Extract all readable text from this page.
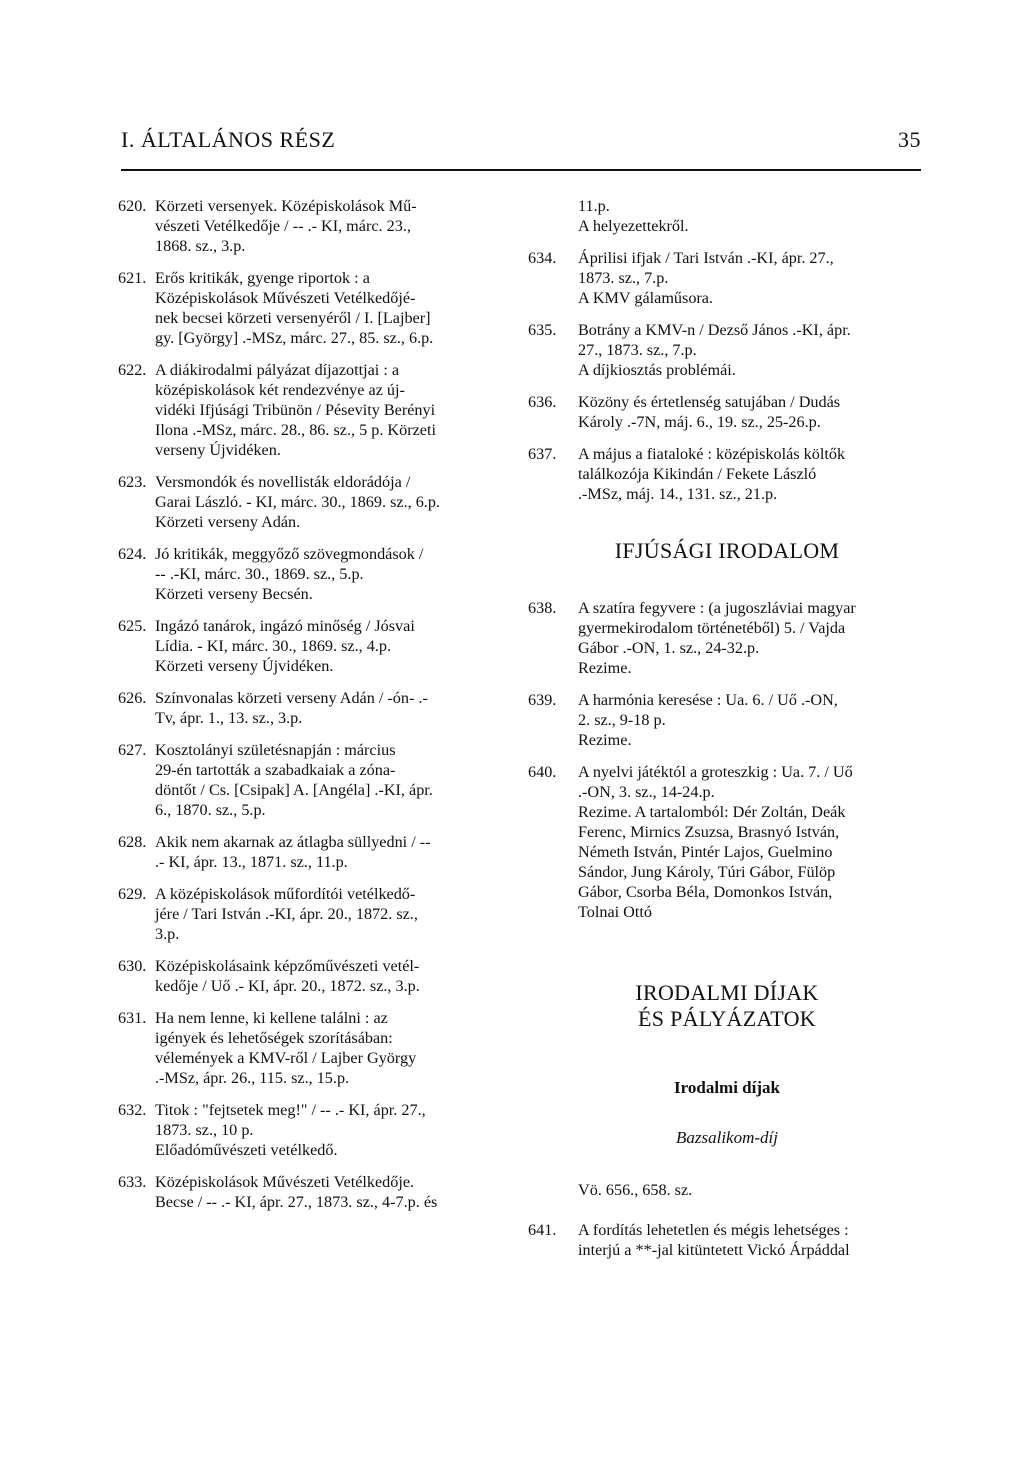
I. ÁLTALÁNOS RÉSZ	35
620. Körzeti versenyek. Középiskolások Mű-
vészeti Vetélkedője / -- .- KI, márc. 23.,
1868. sz., 3.p.
621. Erős kritikák, gyenge riportok : a
Középiskolások Művészeti Vetélkedőjé-
nek becsei körzeti versenyéről / I. [Lajber]
gy. [György] .-MSz, márc. 27., 85. sz., 6.p.
622. A diákirodalmi pályázat díjazottjai : a
középiskolások két rendezvénye az új-
vidéki Ifjúsági Tribünön / Pésevity Berényi
Ilona .-MSz, márc. 28., 86. sz., 5 p. Körzeti
verseny Újvidéken.
623. Versmondók és novellisták eldorádója /
Garai László. - KI, márc. 30., 1869. sz., 6.p.
Körzeti verseny Adán.
624. Jó kritikák, meggyőző szövegmondások /
-- .-KI, márc. 30., 1869. sz., 5.p.
Körzeti verseny Becsén.
625. Ingázó tanárok, ingázó minőség / Jósvai
Lídia. - KI, márc. 30., 1869. sz., 4.p.
Körzeti verseny Újvidéken.
626. Színvonalas körzeti verseny Adán / -ón- .-
Tv, ápr. 1., 13. sz., 3.p.
627. Kosztolányi születésnapján : március
29-én tartották a szabadkaiak a zóna-
döntőt / Cs. [Csipak] A. [Angéla] .-KI, ápr.
6., 1870. sz., 5.p.
628. Akik nem akarnak az átlagba süllyedni / --
.- KI, ápr. 13., 1871. sz., 11.p.
629. A középiskolások műfordítói vetélkedő-
jére / Tari István .-KI, ápr. 20., 1872. sz.,
3.p.
630. Középiskolásaink képzőművészeti vetél-
kedője / Uő .- KI, ápr. 20., 1872. sz., 3.p.
631. Ha nem lenne, ki kellene találni : az
igények és lehetőségek szorításában:
vélemények a KMV-ről / Lajber György
.-MSz, ápr. 26., 115. sz., 15.p.
632. Titok : "fejtsetek meg!" / -- .- KI, ápr. 27.,
1873. sz., 10 p.
Előadóművészeti vetélkedő.
633. Középiskolások Művészeti Vetélkedője.
Becse / -- .- KI, ápr. 27., 1873. sz., 4-7.p. és
11.p.
A helyezettekről.
634. Áprilisi ifjak / Tari István .-KI, ápr. 27.,
1873. sz., 7.p.
A KMV gálaműsora.
635. Botrány a KMV-n / Dezső János .-KI, ápr.
27., 1873. sz., 7.p.
A díjkiosztás problémái.
636. Közöny és értetlenség satujában / Dudás
Károly .-7N, máj. 6., 19. sz., 25-26.p.
637. A május a fiataloké : középiskolás költők
találkozója Kikindán / Fekete László
.-MSz, máj. 14., 131. sz., 21.p.
IFJÚSÁGI IRODALOM
638. A szatíra fegyvere : (a jugoszláviai magyar
gyermekirodalom történetéből) 5. / Vajda
Gábor .-ON, 1. sz., 24-32.p.
Rezime.
639. A harmónia keresése : Ua. 6. / Uő .-ON,
2. sz., 9-18 p.
Rezime.
640. A nyelvi játéktól a groteszkig : Ua. 7. / Uő
.-ON, 3. sz., 14-24.p.
Rezime. A tartalomból: Dér Zoltán, Deák
Ferenc, Mirnics Zsuzsa, Brasnyó István,
Németh István, Pintér Lajos, Guelmino
Sándor, Jung Károly, Túri Gábor, Fülöp
Gábor, Csorba Béla, Domonkos István,
Tolnai Ottó
IRODALMI DÍJAK
ÉS PÁLYÁZATOK
Irodalmi díjak
Bazsalikom-díj
Vö. 656., 658. sz.
641. A fordítás lehetetlen és mégis lehetséges :
interjú a **-jal kitüntetett Vickó Árpáddal
